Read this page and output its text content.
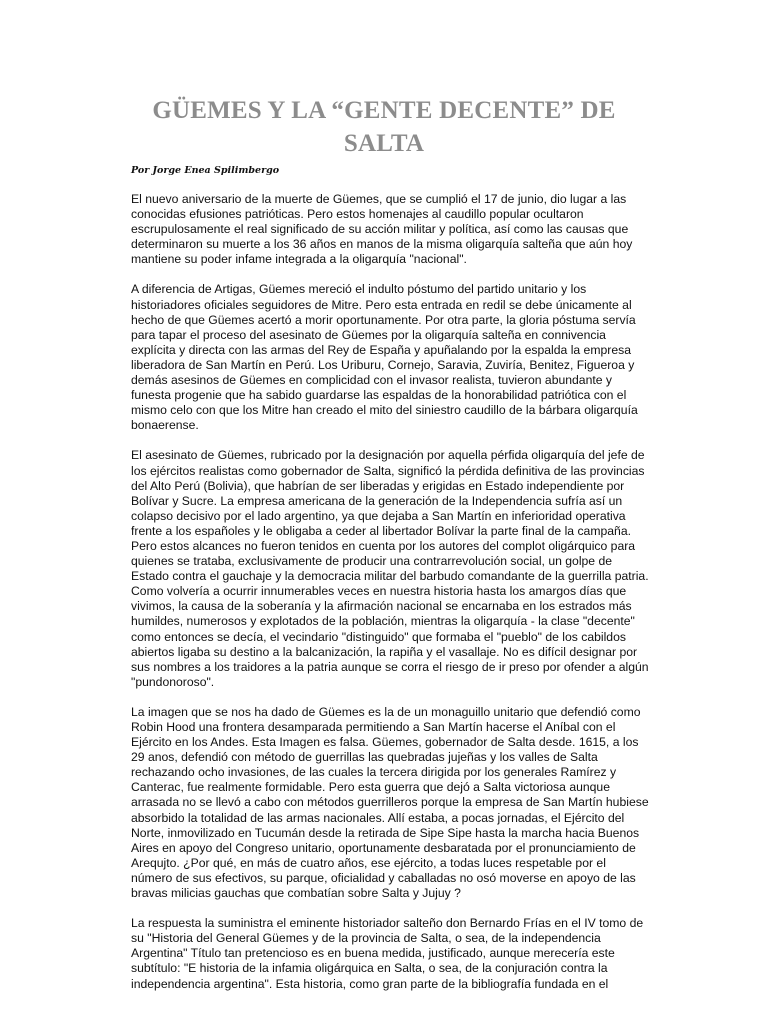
GÜEMES Y LA “GENTE DECENTE” DE
SALTA
Por Jorge Enea Spilimbergo
El nuevo aniversario de la muerte de Güemes, que se cumplió el 17 de junio, dio lugar a las
conocidas efusiones patrióticas. Pero estos homenajes al caudillo popular ocultaron
escrupulosamente el real significado de su acción militar y política, así como las causas que
determinaron su muerte a los 36 años en manos de la misma oligarquía salteña que aún hoy
mantiene su poder infame integrada a la oligarquía "nacional".
A diferencia de Artigas, Güemes mereció el indulto póstumo del partido unitario y los
historiadores oficiales seguidores de Mitre. Pero esta entrada en redil se debe únicamente al
hecho de que Güemes acertó a morir oportunamente. Por otra parte, la gloria póstuma servía
para tapar el proceso del asesinato de Güemes por la oligarquía salteña en connivencia
explícita y directa con las armas del Rey de España y apuñalando por la espalda la empresa
liberadora de San Martín en Perú. Los Uriburu, Cornejo, Saravia, Zuviría, Benitez, Figueroa y
demás asesinos de Güemes en complicidad con el invasor realista, tuvieron abundante y
funesta progenie que ha sabido guardarse las espaldas de la honorabilidad patriótica con el
mismo celo con que los Mitre han creado el mito del siniestro caudillo de la bárbara oligarquía
bonaerense.
El asesinato de Güemes, rubricado por la designación por aquella pérfida oligarquía del jefe de
los ejércitos realistas como gobernador de Salta, significó la pérdida definitiva de las provincias
del Alto Perú (Bolivia), que habrían de ser liberadas y erigidas en Estado independiente por
Bolívar y Sucre. La empresa americana de la generación de la Independencia sufría así un
colapso decisivo por el lado argentino, ya que dejaba a San Martín en inferioridad operativa
frente a los españoles y le obligaba a ceder al libertador Bolívar la parte final de la campaña.
Pero estos alcances no fueron tenidos en cuenta por los autores del complot oligárquico para
quienes se trataba, exclusivamente de producir una contrarrevolución social, un golpe de
Estado contra el gauchaje y la democracia militar del barbudo comandante de la guerrilla patria.
Como volvería a ocurrir innumerables veces en nuestra historia hasta los amargos días que
vivimos, la causa de la soberanía y la afirmación nacional se encarnaba en los estrados más
humildes, numerosos y explotados de la población, mientras la oligarquía - la clase "decente"
como entonces se decía, el vecindario "distinguido" que formaba el "pueblo" de los cabildos
abiertos ligaba su destino a la balcanización, la rapiña y el vasallaje. No es difícil designar por
sus nombres a los traidores a la patria aunque se corra el riesgo de ir preso por ofender a algún
"pundonoroso".
La imagen que se nos ha dado de Güemes es la de un monaguillo unitario que defendió como
Robin Hood una frontera desamparada permitiendo a San Martín hacerse el Aníbal con el
Ejército en los Andes. Esta Imagen es falsa. Güemes, gobernador de Salta desde. 1615, a los
29 anos, defendió con método de guerrillas las quebradas jujeñas y los valles de Salta
rechazando ocho invasiones, de las cuales la tercera dirigida por los generales Ramírez y
Canterac, fue realmente formidable. Pero esta guerra que dejó a Salta victoriosa aunque
arrasada no se llevó a cabo con métodos guerrilleros porque la empresa de San Martín hubiese
absorbido la totalidad de las armas nacionales. Allí estaba, a pocas jornadas, el Ejército del
Norte, inmovilizado en Tucumán desde la retirada de Sipe Sipe hasta la marcha hacia Buenos
Aires en apoyo del Congreso unitario, oportunamente desbaratada por el pronunciamiento de
Arequjto. ¿Por qué, en más de cuatro años, ese ejército, a todas luces respetable por el
número de sus efectivos, su parque, oficialidad y caballadas no osó moverse en apoyo de las
bravas milicias gauchas que combatían sobre Salta y Jujuy ?
La respuesta la suministra el eminente historiador salteño don Bernardo Frías en el IV tomo de
su "Historia del General Güemes y de la provincia de Salta, o sea, de la independencia
Argentina" Título tan pretencioso es en buena medida, justificado, aunque merecería este
subtítulo: "E historia de la infamia oligárquica en Salta, o sea, de la conjuración contra la
independencia argentina". Esta historia, como gran parte de la bibliografía fundada en el
